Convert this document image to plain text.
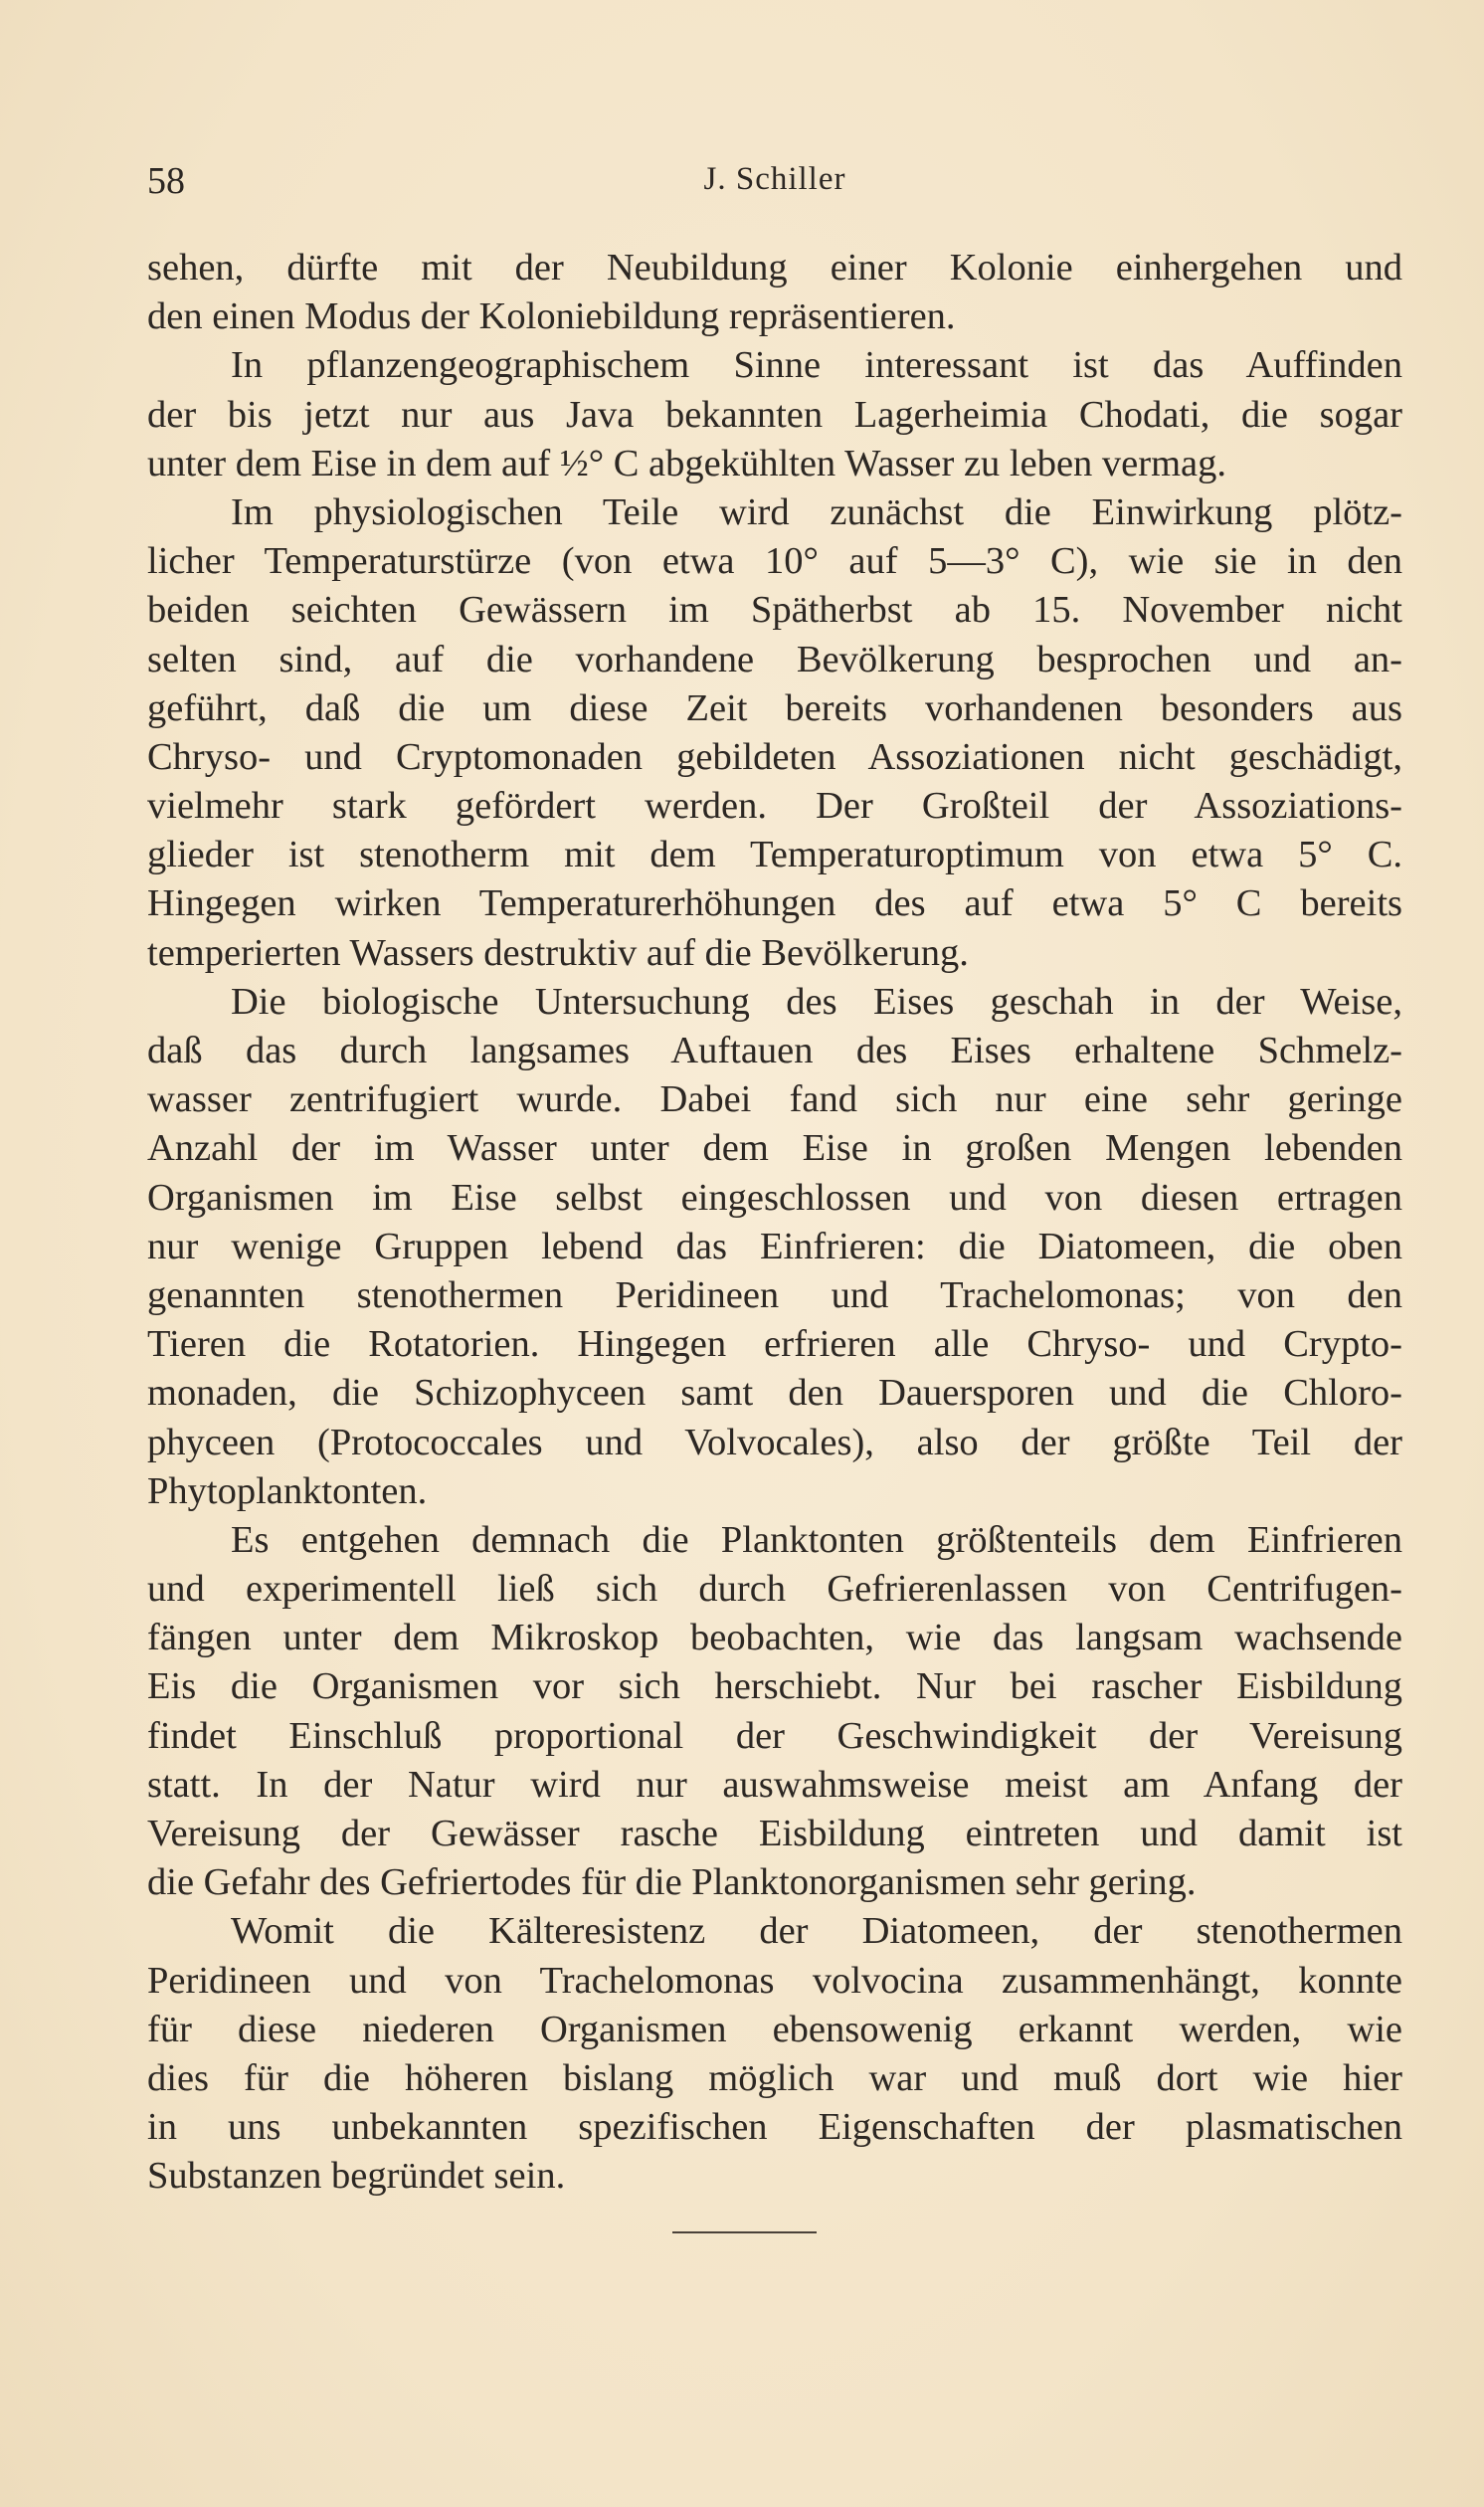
58	J. Schiller

sehen, dürfte mit der Neubildung einer Kolonie einhergehen und
den einen Modus der Koloniebildung repräsentieren.

In pflanzengeographischem Sinne interessant ist das Auffinden
der bis jetzt nur aus Java bekannten Lagerheimia Chodati, die sogar
unter dem Eise in dem auf ½° C abgekühlten Wasser zu leben vermag.

Im physiologischen Teile wird zunächst die Einwirkung plötz-
licher Temperaturstürze (von etwa 10° auf 5—3° C), wie sie in den
beiden seichten Gewässern im Spätherbst ab 15. November nicht
selten sind, auf die vorhandene Bevölkerung besprochen und an-
geführt, daß die um diese Zeit bereits vorhandenen besonders aus
Chryso- und Cryptomonaden gebildeten Assoziationen nicht geschädigt,
vielmehr stark gefördert werden. Der Großteil der Assoziations-
glieder ist stenotherm mit dem Temperaturoptimum von etwa 5° C.
Hingegen wirken Temperaturerhöhungen des auf etwa 5° C bereits
temperierten Wassers destruktiv auf die Bevölkerung.

Die biologische Untersuchung des Eises geschah in der Weise,
daß das durch langsames Auftauen des Eises erhaltene Schmelz-
wasser zentrifugiert wurde. Dabei fand sich nur eine sehr geringe
Anzahl der im Wasser unter dem Eise in großen Mengen lebenden
Organismen im Eise selbst eingeschlossen und von diesen ertragen
nur wenige Gruppen lebend das Einfrieren: die Diatomeen, die oben
genannten stenothermen Peridineen und Trachelomonas; von den
Tieren die Rotatorien. Hingegen erfrieren alle Chryso- und Crypto-
monaden, die Schizophyceen samt den Dauersporen und die Chloro-
phyceen (Protococcales und Volvocales), also der größte Teil der
Phytoplanktonten.

Es entgehen demnach die Planktonten größtenteils dem Einfrieren
und experimentell ließ sich durch Gefrierenlassen von Centrifugen-
fängen unter dem Mikroskop beobachten, wie das langsam wachsende
Eis die Organismen vor sich herschiebt. Nur bei rascher Eisbildung
findet Einschluß proportional der Geschwindigkeit der Vereisung
statt. In der Natur wird nur auswahmsweise meist am Anfang der
Vereisung der Gewässer rasche Eisbildung eintreten und damit ist
die Gefahr des Gefriertodes für die Planktonorganismen sehr gering.

Womit die Kälteresistenz der Diatomeen, der stenothermen
Peridineen und von Trachelomonas volvocina zusammenhängt, konnte
für diese niederen Organismen ebensowenig erkannt werden, wie
dies für die höheren bislang möglich war und muß dort wie hier
in uns unbekannten spezifischen Eigenschaften der plasmatischen
Substanzen begründet sein.
